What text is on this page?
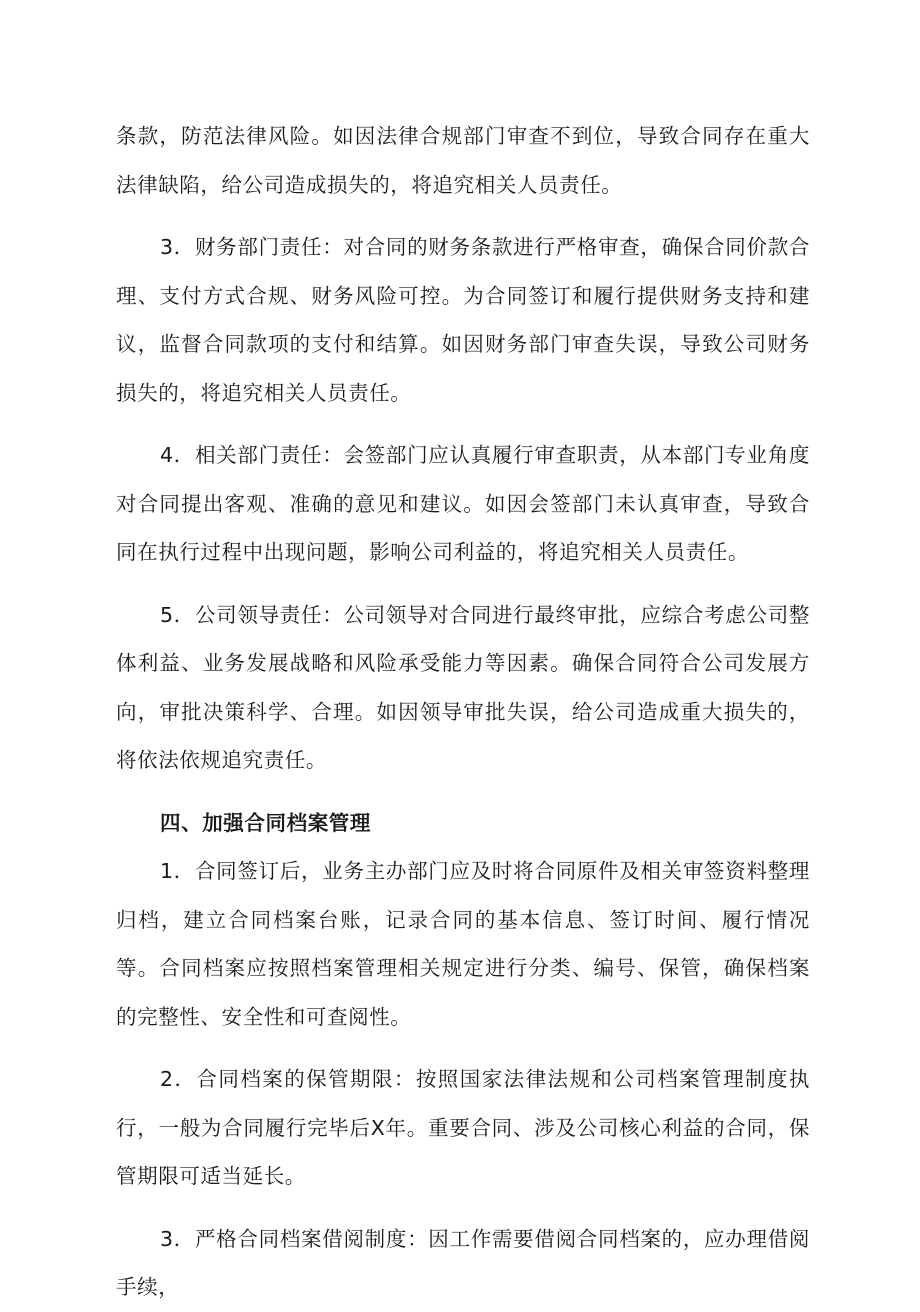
条款，防范法律风险。如因法律合规部门审查不到位，导致合同存在重大法律缺陷，给公司造成损失的，将追究相关人员责任。

3．财务部门责任：对合同的财务条款进行严格审查，确保合同价款合理、支付方式合规、财务风险可控。为合同签订和履行提供财务支持和建议，监督合同款项的支付和结算。如因财务部门审查失误，导致公司财务损失的，将追究相关人员责任。

4．相关部门责任：会签部门应认真履行审查职责，从本部门专业角度对合同提出客观、准确的意见和建议。如因会签部门未认真审查，导致合同在执行过程中出现问题，影响公司利益的，将追究相关人员责任。

5．公司领导责任：公司领导对合同进行最终审批，应综合考虑公司整体利益、业务发展战略和风险承受能力等因素。确保合同符合公司发展方向，审批决策科学、合理。如因领导审批失误，给公司造成重大损失的，将依法依规追究责任。

四、加强合同档案管理

1．合同签订后，业务主办部门应及时将合同原件及相关审签资料整理归档，建立合同档案台账，记录合同的基本信息、签订时间、履行情况等。合同档案应按照档案管理相关规定进行分类、编号、保管，确保档案的完整性、安全性和可查阅性。

2．合同档案的保管期限：按照国家法律法规和公司档案管理制度执行，一般为合同履行完毕后X年。重要合同、涉及公司核心利益的合同，保管期限可适当延长。

3．严格合同档案借阅制度：因工作需要借阅合同档案的，应办理借阅手续，
